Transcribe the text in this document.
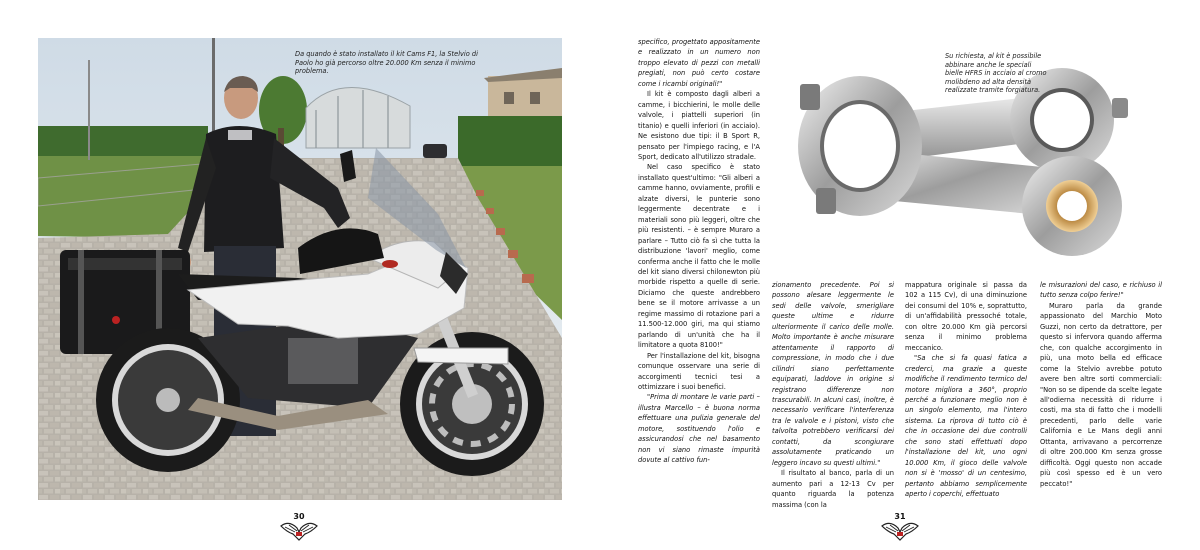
Da quando è stato installato il kit Cams F1, la Stelvio di Paolo ho già percorso oltre 20.000 Km senza il minimo problema.
30
Su richiesta, al kit è possibile abbinare anche le speciali bielle HFRS in acciaio al cromo molibdeno ad alta densità realizzate tramite forgiatura.

specifico, progettato appositamente e realizzato in un numero non troppo elevato di pezzi con metalli pregiati, non può certo costare come i ricambi originali!"

Il kit è composto dagli alberi a camme, i bicchierini, le molle delle valvole, i piattelli superiori (in titanio) e quelli inferiori (in acciaio). Ne esistono due tipi: il B Sport R, pensato per l'impiego racing, e l'A Sport, dedicato all'utilizzo stradale.

Nel caso specifico è stato installato quest'ultimo: "Gli alberi a camme hanno, ovviamente, profili e alzate diversi, le punterie sono leggermente decentrate e i materiali sono più leggeri, oltre che più resistenti. – è sempre Muraro a parlare – Tutto ciò fa sì che tutta la distribuzione 'lavori' meglio, come conferma anche il fatto che le molle del kit siano diversi chilonewton più morbide rispetto a quelle di serie. Diciamo che queste andrebbero bene se il motore arrivasse a un regime massimo di rotazione pari a 11.500-12.000 giri, ma qui stiamo parlando di un'unità che ha il limitatore a quota 8100!"

Per l'installazione del kit, bisogna comunque osservare una serie di accorgimenti tecnici tesi a ottimizzare i suoi benefici.

"Prima di montare le varie parti – illustra Marcello – è buona norma effettuare una pulizia generale del motore, sostituendo l'olio e assicurandosi che nel basamento non vi siano rimaste impurità dovute al cattivo fun-

zionamento precedente. Poi si possono alesare leggermente le sedi delle valvole, smerigliare queste ultime e ridurre ulteriormente il carico delle molle. Molto importante è anche misurare attentamente il rapporto di compressione, in modo che i due cilindri siano perfettamente equiparati, laddove in origine si registrano differenze non trascurabili. In alcuni casi, inoltre, è necessario verificare l'interferenza tra le valvole e i pistoni, visto che talvolta potrebbero verificarsi dei contatti, da scongiurare assolutamente praticando un leggero incavo su questi ultimi."

Il risultato al banco, parla di un aumento pari a 12-13 Cv per quanto riguarda la potenza massima (con la

mappatura originale si passa da 102 a 115 Cv), di una diminuzione dei consumi del 10% e, soprattutto, di un'affidabilità pressoché totale, con oltre 20.000 Km già percorsi senza il minimo problema meccanico.

"Sa che si fa quasi fatica a crederci, ma grazie a queste modifiche il rendimento termico del motore migliora a 360°, proprio perché a funzionare meglio non è un singolo elemento, ma l'intero sistema. La riprova di tutto ciò è che in occasione dei due controlli che sono stati effettuati dopo l'installazione del kit, uno ogni 10.000 Km, il gioco delle valvole non si è 'mosso' di un centesimo, pertanto abbiamo semplicemente aperto i coperchi, effettuato

le misurazioni del caso, e richiuso il tutto senza colpo ferire!"

Muraro parla da grande appassionato del Marchio Moto Guzzi, non certo da detrattore, per questo si infervora quando afferma che, con qualche accorgimento in più, una moto bella ed efficace come la Stelvio avrebbe potuto avere ben altre sorti commerciali: "Non so se dipende da scelte legate all'odierna necessità di ridurre i costi, ma sta di fatto che i modelli precedenti, parlo delle varie California e Le Mans degli anni Ottanta, arrivavano a percorrenze di oltre 200.000 Km senza grosse difficoltà. Oggi questo non accade più così spesso ed è un vero peccato!"

31
